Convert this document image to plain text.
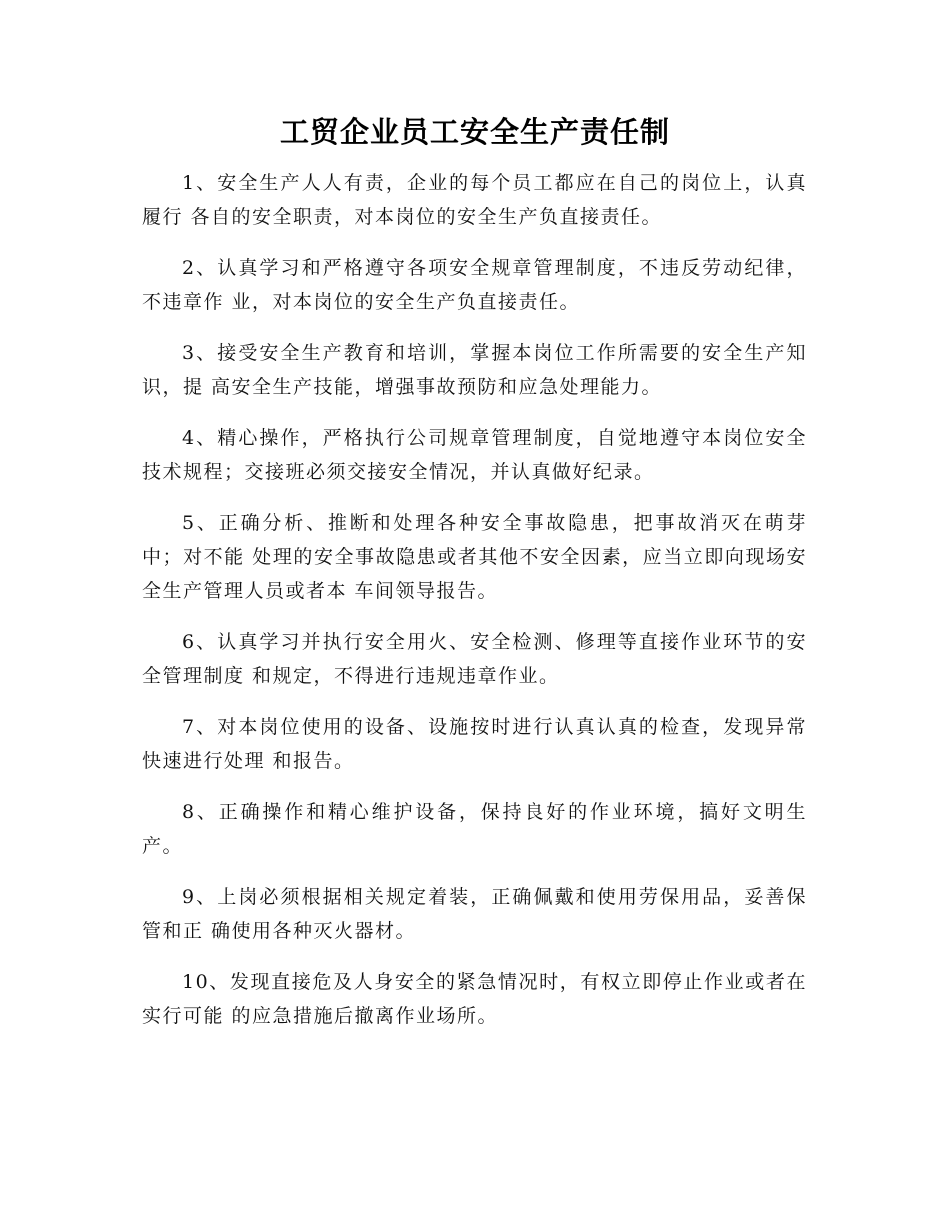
工贸企业员工安全生产责任制

1、安全生产人人有责，企业的每个员工都应在自己的岗位上，认真履行 各自的安全职责，对本岗位的安全生产负直接责任。

2、认真学习和严格遵守各项安全规章管理制度，不违反劳动纪律，不违章作 业，对本岗位的安全生产负直接责任。

3、接受安全生产教育和培训，掌握本岗位工作所需要的安全生产知识，提 高安全生产技能，增强事故预防和应急处理能力。

4、精心操作，严格执行公司规章管理制度，自觉地遵守本岗位安全技术规程；交接班必须交接安全情况，并认真做好纪录。

5、正确分析、推断和处理各种安全事故隐患，把事故消灭在萌芽中；对不能 处理的安全事故隐患或者其他不安全因素，应当立即向现场安全生产管理人员或者本 车间领导报告。

6、认真学习并执行安全用火、安全检测、修理等直接作业环节的安全管理制度 和规定，不得进行违规违章作业。

7、对本岗位使用的设备、设施按时进行认真认真的检查，发现异常快速进行处理 和报告。

8、正确操作和精心维护设备，保持良好的作业环境，搞好文明生产。

9、上岗必须根据相关规定着装，正确佩戴和使用劳保用品，妥善保管和正 确使用各种灭火器材。

10、发现直接危及人身安全的紧急情况时，有权立即停止作业或者在实行可能 的应急措施后撤离作业场所。
